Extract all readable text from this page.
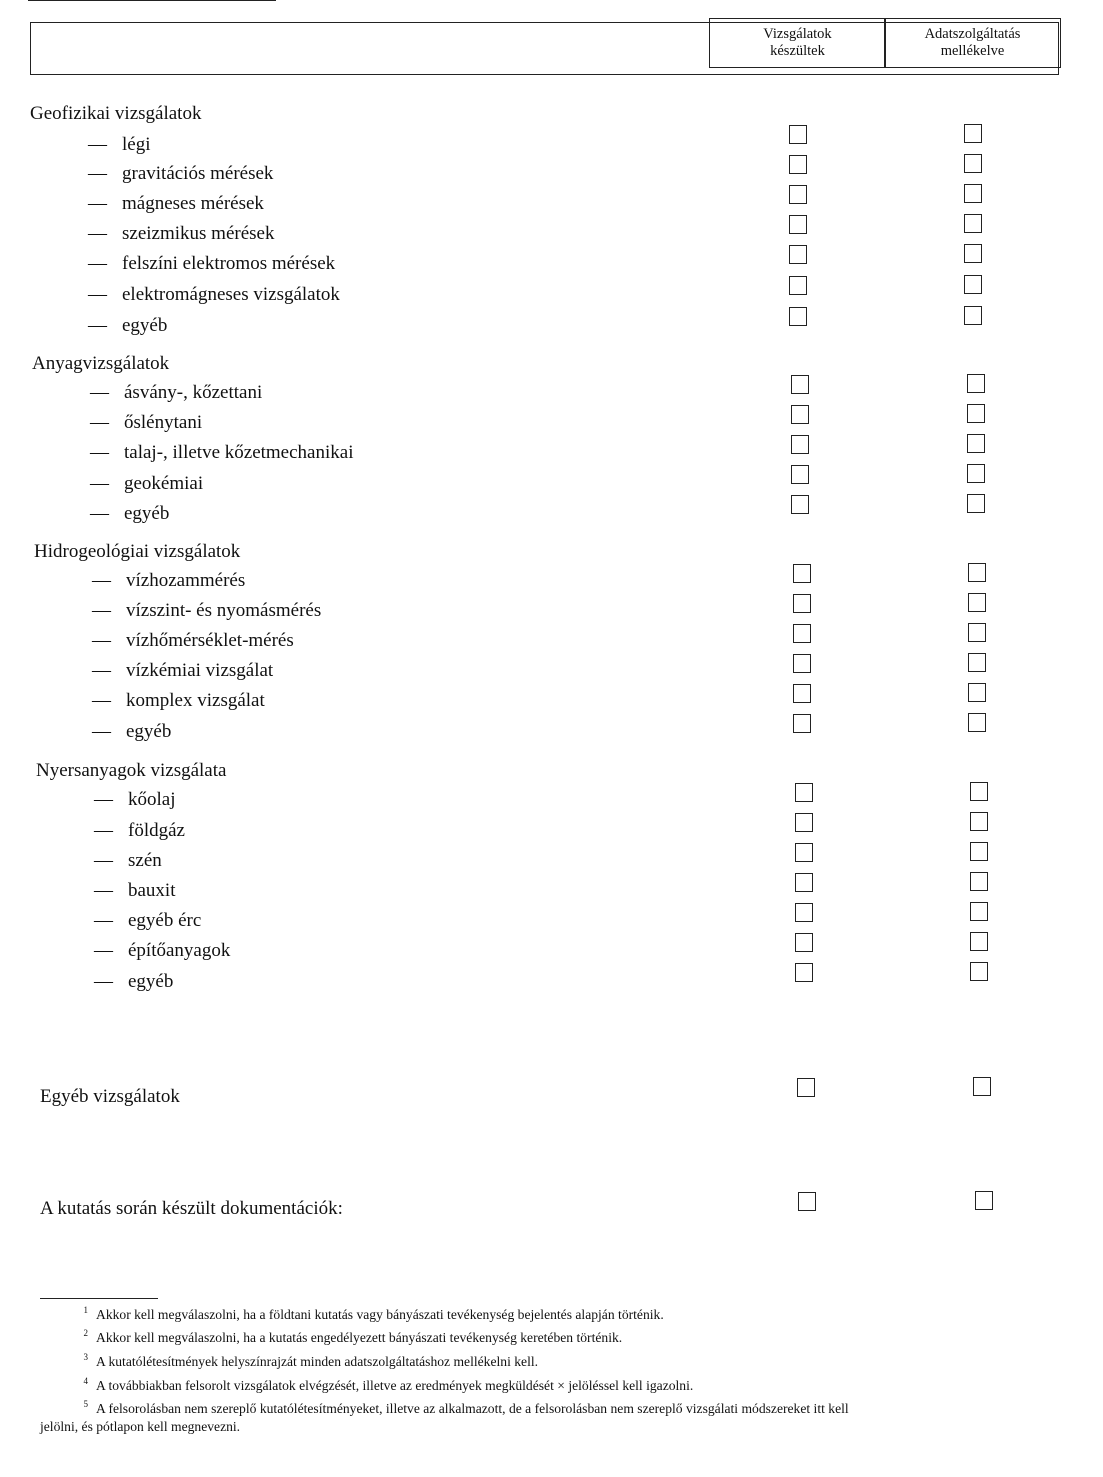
Vizsgálatok
készültek
Adatszolgáltatás
mellékelve
Geofizikai vizsgálatok
— légi
— gravitációs mérések
— mágneses mérések
— szeizmikus mérések
— felszíni elektromos mérések
— elektromágneses vizsgálatok
— egyéb
Anyagvizsgálatok
— ásvány-, kőzettani
— őslénytani
— talaj-, illetve kőzetmechanikai
— geokémiai
— egyéb
Hidrogeológiai vizsgálatok
— vízhozammérés
— vízszint- és nyomásmérés
— vízhőmérséklet-mérés
— vízkémiai vizsgálat
— komplex vizsgálat
— egyéb
Nyersanyagok vizsgálata
— kőolaj
— földgáz
— szén
— bauxit
— egyéb érc
— építőanyagok
— egyéb
Egyéb vizsgálatok
A kutatás során készült dokumentációk:
$^1$ Akkor kell megválaszolni, ha a földtani kutatás vagy bányászati tevékenység bejelentés alapján történik.
$^2$ Akkor kell megválaszolni, ha a kutatás engedélyezett bányászati tevékenység keretében történik.
$^3$ A kutatólétesítmények helyszínrajzát minden adatszolgáltatáshoz mellékelni kell.
$^4$ A továbbiakban felsorolt vizsgálatok elvégzését, illetve az eredmények megküldését × jelöléssel kell igazolni.
$^5$ A felsorolásban nem szereplő kutatólétesítményeket, illetve az alkalmazott, de a felsorolásban nem szereplő vizsgálati módszereket itt kell
jelölni, és pótlapon kell megnevezni.
